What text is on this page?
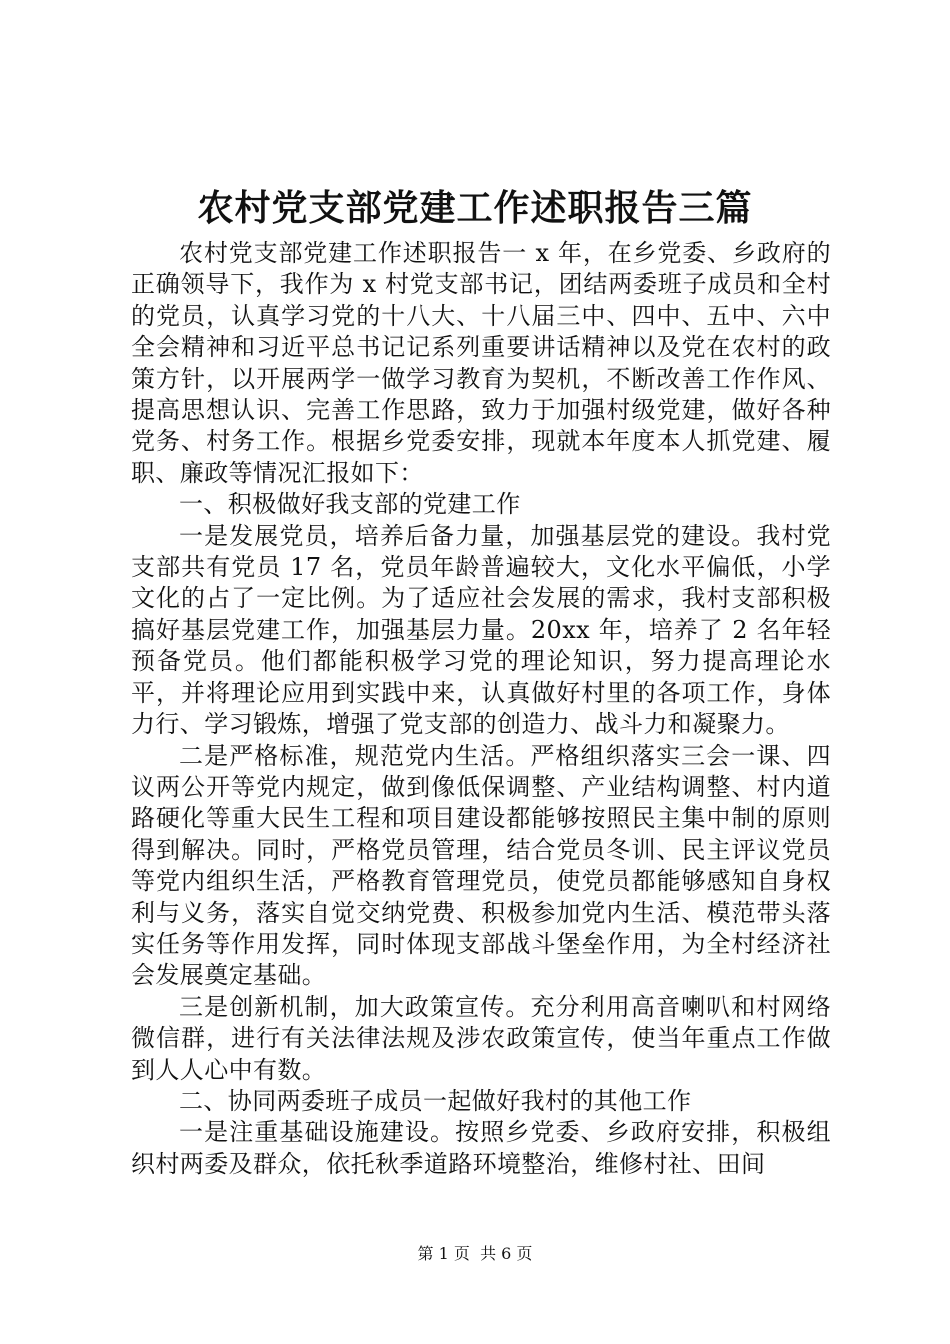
农村党支部党建工作述职报告三篇

农村党支部党建工作述职报告一 x 年，在乡党委、乡政府的正确领导下，我作为 x 村党支部书记，团结两委班子成员和全村的党员，认真学习党的十八大、十八届三中、四中、五中、六中全会精神和习近平总书记记系列重要讲话精神以及党在农村的政策方针，以开展两学一做学习教育为契机，不断改善工作作风、提高思想认识、完善工作思路，致力于加强村级党建，做好各种党务、村务工作。根据乡党委安排，现就本年度本人抓党建、履职、廉政等情况汇报如下：

一、积极做好我支部的党建工作

一是发展党员，培养后备力量，加强基层党的建设。我村党支部共有党员 17 名，党员年龄普遍较大，文化水平偏低，小学文化的占了一定比例。为了适应社会发展的需求，我村支部积极搞好基层党建工作，加强基层力量。20xx 年，培养了 2 名年轻预备党员。他们都能积极学习党的理论知识，努力提高理论水平，并将理论应用到实践中来，认真做好村里的各项工作，身体力行、学习锻炼，增强了党支部的创造力、战斗力和凝聚力。

二是严格标准，规范党内生活。严格组织落实三会一课、四议两公开等党内规定，做到像低保调整、产业结构调整、村内道路硬化等重大民生工程和项目建设都能够按照民主集中制的原则得到解决。同时，严格党员管理，结合党员冬训、民主评议党员等党内组织生活，严格教育管理党员，使党员都能够感知自身权利与义务，落实自觉交纳党费、积极参加党内生活、模范带头落实任务等作用发挥，同时体现支部战斗堡垒作用，为全村经济社会发展奠定基础。

三是创新机制，加大政策宣传。充分利用高音喇叭和村网络微信群，进行有关法律法规及涉农政策宣传，使当年重点工作做到人人心中有数。

二、协同两委班子成员一起做好我村的其他工作

一是注重基础设施建设。按照乡党委、乡政府安排，积极组织村两委及群众，依托秋季道路环境整治，维修村社、田间

第 1 页 共 6 页
